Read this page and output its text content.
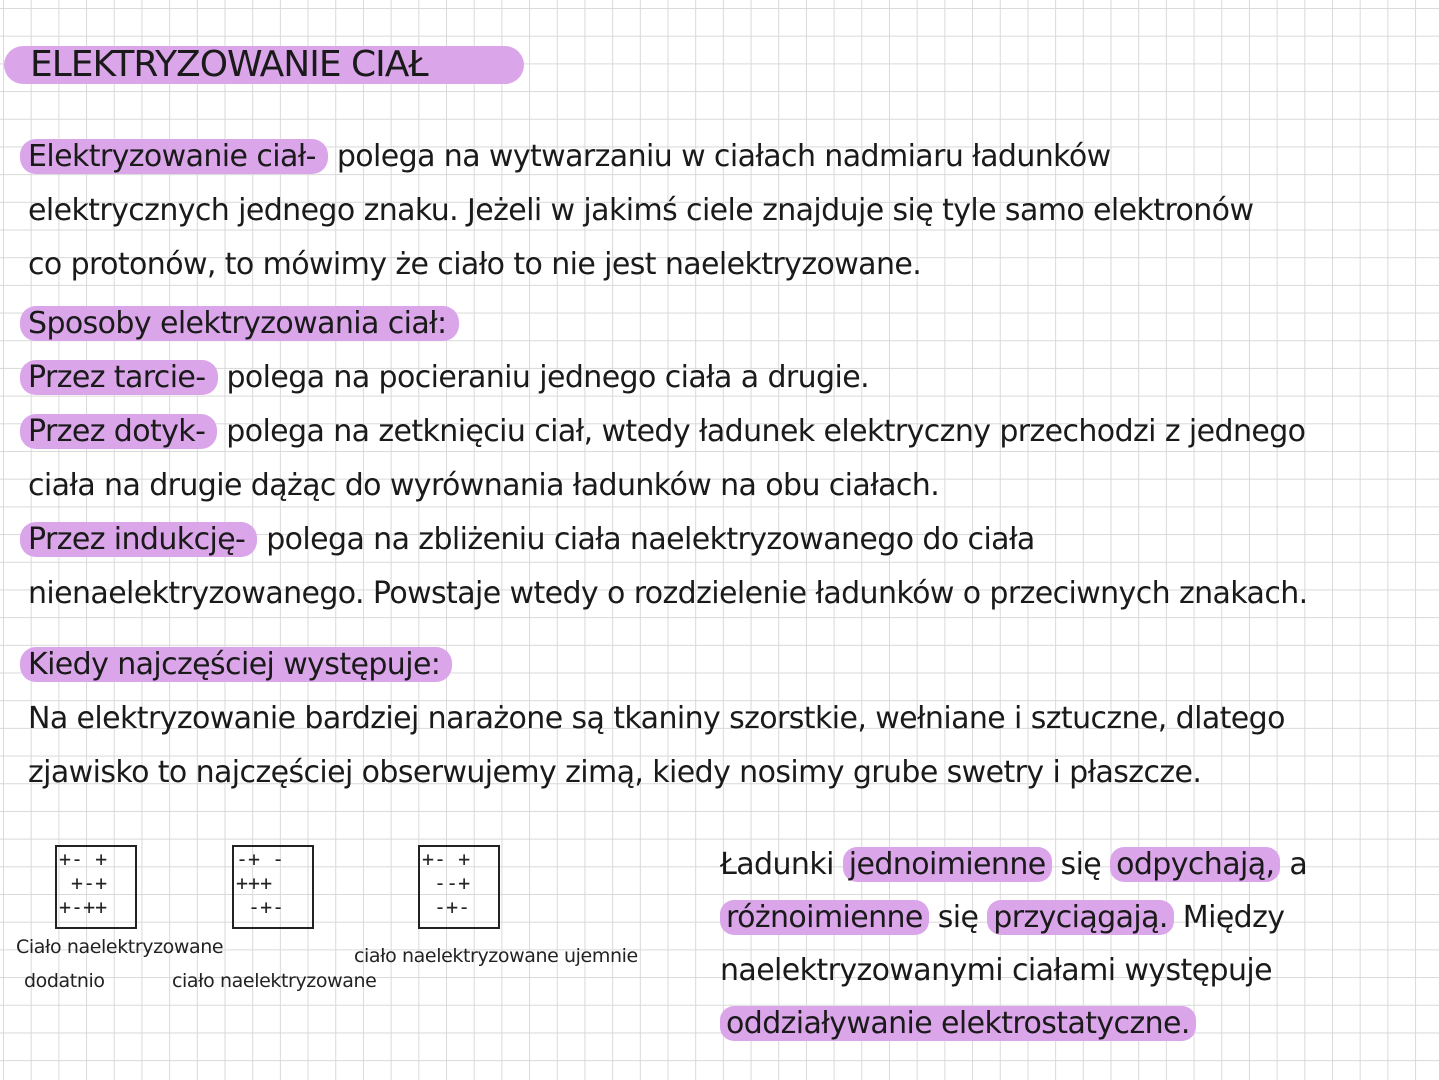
ELEKTRYZOWANIE CIAŁ
Elektryzowanie ciał- polega na wytwarzaniu w ciałach nadmiaru ładunków
elektrycznych jednego znaku. Jeżeli w jakimś ciele znajduje się tyle samo elektronów
co protonów, to mówimy że ciało to nie jest naelektryzowane.
Sposoby elektryzowania ciał:
Przez tarcie- polega na pocieraniu jednego ciała a drugie.
Przez dotyk- polega na zetknięciu ciał, wtedy ładunek elektryczny przechodzi z jednego
ciała na drugie dążąc do wyrównania ładunków na obu ciałach.
Przez indukcję- polega na zbliżeniu ciała naelektryzowanego do ciała
nienaelektryzowanego. Powstaje wtedy o rozdzielenie ładunków o przeciwnych znakach.
Kiedy najczęściej występuje:
Na elektryzowanie bardziej narażone są tkaniny szorstkie, wełniane i sztuczne, dlatego
zjawisko to najczęściej obserwujemy zimą, kiedy nosimy grube swetry i płaszcze.
+- +
+-+
+-++
-+ -
+++
-+-
+- +
--+
-+-
Ciało naelektryzowane
dodatnio	ciało naelektryzowane
ciało naelektryzowane ujemnie
Ładunki jednoimienne się odpychają, a
różnoimienne się przyciągają. Między
naelektryzowanymi ciałami występuje
oddziaływanie elektrostatyczne.
